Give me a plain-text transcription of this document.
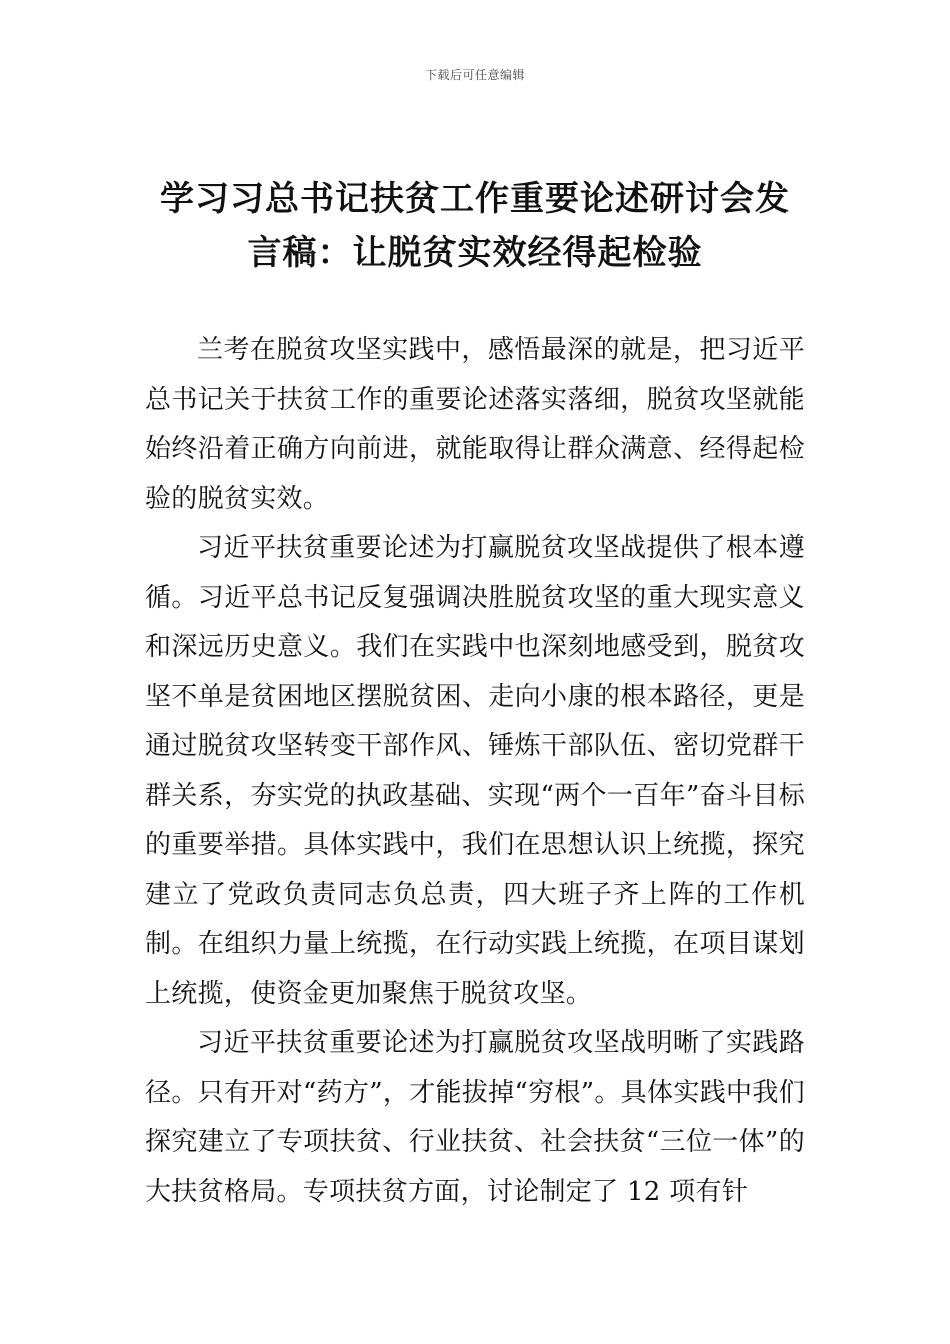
下载后可任意编辑
学习习总书记扶贫工作重要论述研讨会发言稿：让脱贫实效经得起检验

兰考在脱贫攻坚实践中，感悟最深的就是，把习近平总书记关于扶贫工作的重要论述落实落细，脱贫攻坚就能始终沿着正确方向前进，就能取得让群众满意、经得起检验的脱贫实效。

习近平扶贫重要论述为打赢脱贫攻坚战提供了根本遵循。习近平总书记反复强调决胜脱贫攻坚的重大现实意义和深远历史意义。我们在实践中也深刻地感受到，脱贫攻坚不单是贫困地区摆脱贫困、走向小康的根本路径，更是通过脱贫攻坚转变干部作风、锤炼干部队伍、密切党群干群关系，夯实党的执政基础、实现“两个一百年”奋斗目标的重要举措。具体实践中，我们在思想认识上统揽，探究建立了党政负责同志负总责，四大班子齐上阵的工作机制。在组织力量上统揽，在行动实践上统揽，在项目谋划上统揽，使资金更加聚焦于脱贫攻坚。

习近平扶贫重要论述为打赢脱贫攻坚战明晰了实践路径。只有开对“药方”，才能拔掉“穷根”。具体实践中我们探究建立了专项扶贫、行业扶贫、社会扶贫“三位一体”的大扶贫格局。专项扶贫方面，讨论制定了 12 项有针
